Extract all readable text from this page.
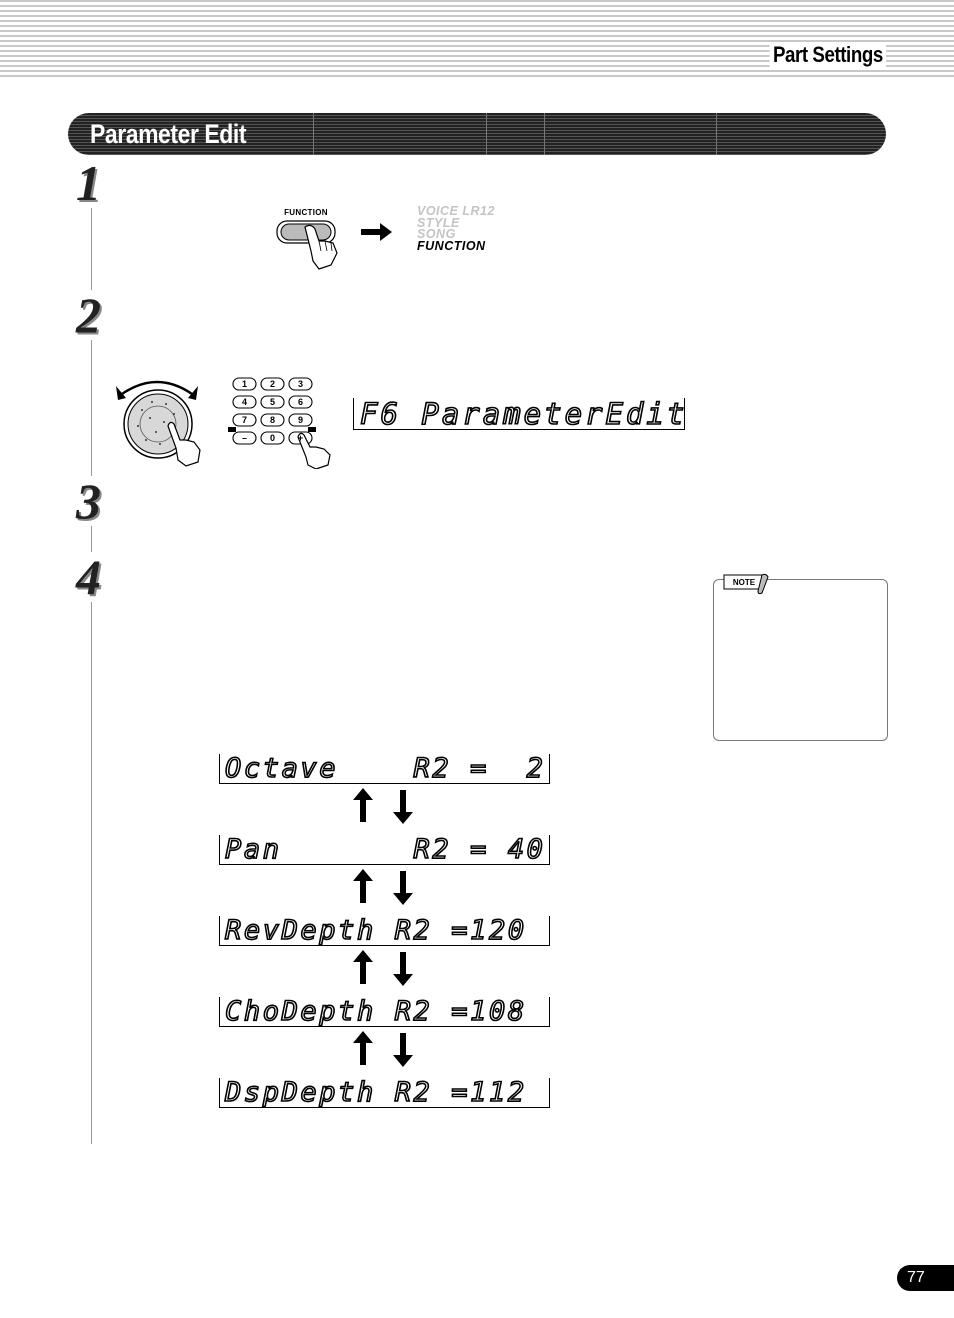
Part Settings
Parameter Edit
1
2
3
4
FUNCTION	VOICE LR12
STYLE
SONG
FUNCTION
1	2	3
4	5	6
7	8	9
–	0	+
F6 ParameterEdit
NOTE
Octave    R2 =  2
Pan       R2 = 40
RevDepth R2 =120
ChoDepth R2 =108
DspDepth R2 =112
77
